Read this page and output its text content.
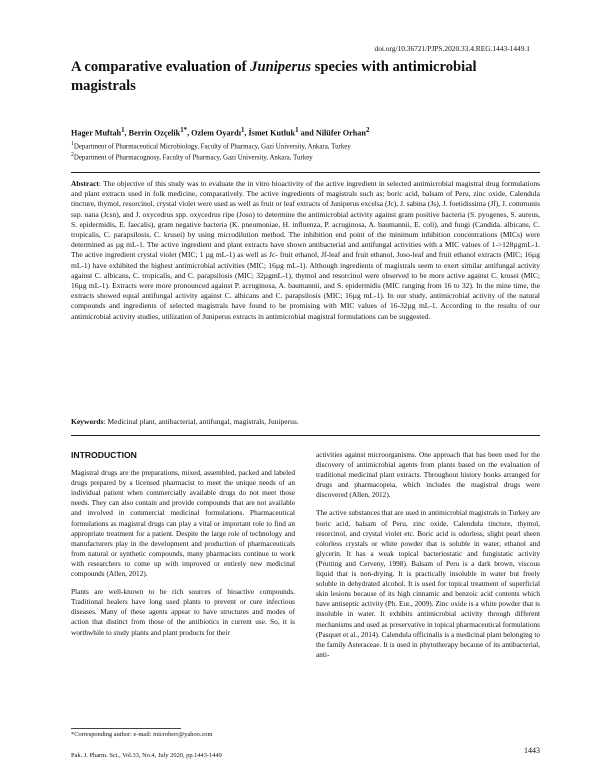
doi.org/10.36721/PJPS.2020.33.4.REG.1443-1449.1
A comparative evaluation of Juniperus species with antimicrobial magistrals
Hager Muftah$^1$, Berrin Ozçelik$^{1*}$, Ozlem Oyardı$^1$, İsmet Kutluk$^1$ and Nilüfer Orhan$^2$
$^1$Department of Pharmaceutical Microbiology, Faculty of Pharmacy, Gazi University, Ankara, Turkey
$^2$Department of Pharmacognosy, Faculty of Pharmacy, Gazi University, Ankara, Turkey

Abstract: The objective of this study was to evaluate the in vitro bioactivity of the active ingredient in selected antimicrobial magistral drug formulations and plant extracts used in folk medicine, comparatively. The active ingredients of magistrals such as; boric acid, balsam of Peru, zinc oxide, Calendula tincture, thymol, resorcinol, crystal violet were used as well as fruit or leaf extracts of Juniperus excelsa (Jc), J. sabina (Js), J. foetidissima (Jf), J. communis ssp. nana (Jcsn), and J. oxycedrus spp. oxycedrus ripe (Joso) to determine the antimicrobial activity against gram positive bacteria (S. pyogenes, S. aureus, S. epidermidis, E. faecalis), gram negative bacteria (K. pneumoniae, H. influenza, P. acruginosa, A. baumannii, E. coli), and fungi (Candida. albicans, C. tropicalis, C. parapsilosis, C. krusei) by using microdilution method. The inhibition end point of the minimum inhibition concentrations (MICs) were determined as µg mL-1. The active ingredient and plant extracts have shown antibacterial and antifungal activities with a MIC values of 1->128µgmL-1. The active ingredient crystal violet (MIC; 1 µg mL-1) as well as Jc- fruit ethanol, Jf-leaf and fruit ethanol, Joso-leaf and fruit ethanol extracts (MIC; 16µg mL-1) have exhibited the highest antimicrobial activities (MIC; 16µg mL-1). Although ingredients of magistrals seem to exert similar antifungal activity against C. albicans, C. tropicalis, and C. parapsilosis (MIC; 32µgmL-1), thymol and resorcinol were observed to be more active against C. krusei (MIC; 16µg mL-1). Extracts were more pronounced against P. acruginosa, A. baumannii, and S. epidermidis (MIC ranging from 16 to 32). In the mine time, the extracts showed equal antifungal activity against C. albicans and C. parapsilosis (MIC; 16µg mL-1). In our study, antimicrobial activity of the natural compounds and ingredients of selected magistrals have found to be promising with MIC values of 16-32µg mL-1. According to the results of our antimicrobial activity studies, utilization of Juniperus extracts in antimicrobial magistral formulations can be suggested.

Keywords: Medicinal plant, antibacterial, antifungal, magistrals, Juniperus.

INTRODUCTION

Magistral drugs are the preparations, mixed, assembled, packed and labeled drugs prepared by a licensed pharmacist to meet the unique needs of an individual patient when commercially available drugs do not meet those needs. They can also contain and provide compounds that are not available and involved in commercial medicinal formulations. Pharmaceutical formulations as magistral drugs can play a vital or important role to find an appropriate treatment for a patient. Despite the large role of technology and manufacturers play in the development and production of pharmaceuticals from natural or synthetic compounds, many pharmacists continue to work with researchers to come up with improved or entirely new medicinal compounds (Allen, 2012).

Plants are well-known to be rich sources of bioactive compounds. Traditional healers have long used plants to prevent or cure infectious diseases. Many of these agents appear to have structures and modes of action that distinct from those of the antibiotics in current use. So, it is worthwhile to study plants and plant products for their

activities against microorganisms. One approach that has been used for the discovery of antimicrobial agents from plants based on the evaluation of traditional medicinal plant extracts. Throughout history books arranged for drugs and pharmacopeia, which includes the magistral drugs were discovered (Allen, 2012).

The active substances that are used in antimicrobial magistrals in Turkey are boric acid, balsam of Peru, zinc oxide, Calendula tincture, thymol, resorcinol, and crystal violet etc. Boric acid is odorless, slight pearl sheen colorless crystals or white powder that is soluble in water, ethanol and glycerin. It has a weak topical bacteriostatic and fungistatic activity (Prutting and Cerveny, 1998). Balsam of Peru is a dark brown, viscous liquid that is non-drying. It is practically insoluble in water but freely soluble in dehydrated alcohol. It is used for topical treatment of superficial skin lesions because of its high cinnamic and benzoic acid contents which have antiseptic activity (Ph. Eur., 2009). Zinc oxide is a white powder that is insoluble in water. It exhibits antimicrobial activity through different mechanisms and used as preservative in topical pharmaceutical formulations (Pasquet et al., 2014). Calendula officinalis is a medicinal plant belonging to the family Asteraceae. It is used in phytotherapy because of its antibacterial, anti-

*Corresponding author: e-mail: microberr@yahoo.com
Pak. J. Pharm. Sci., Vol.33, No.4, July 2020, pp.1443-1449
1443
